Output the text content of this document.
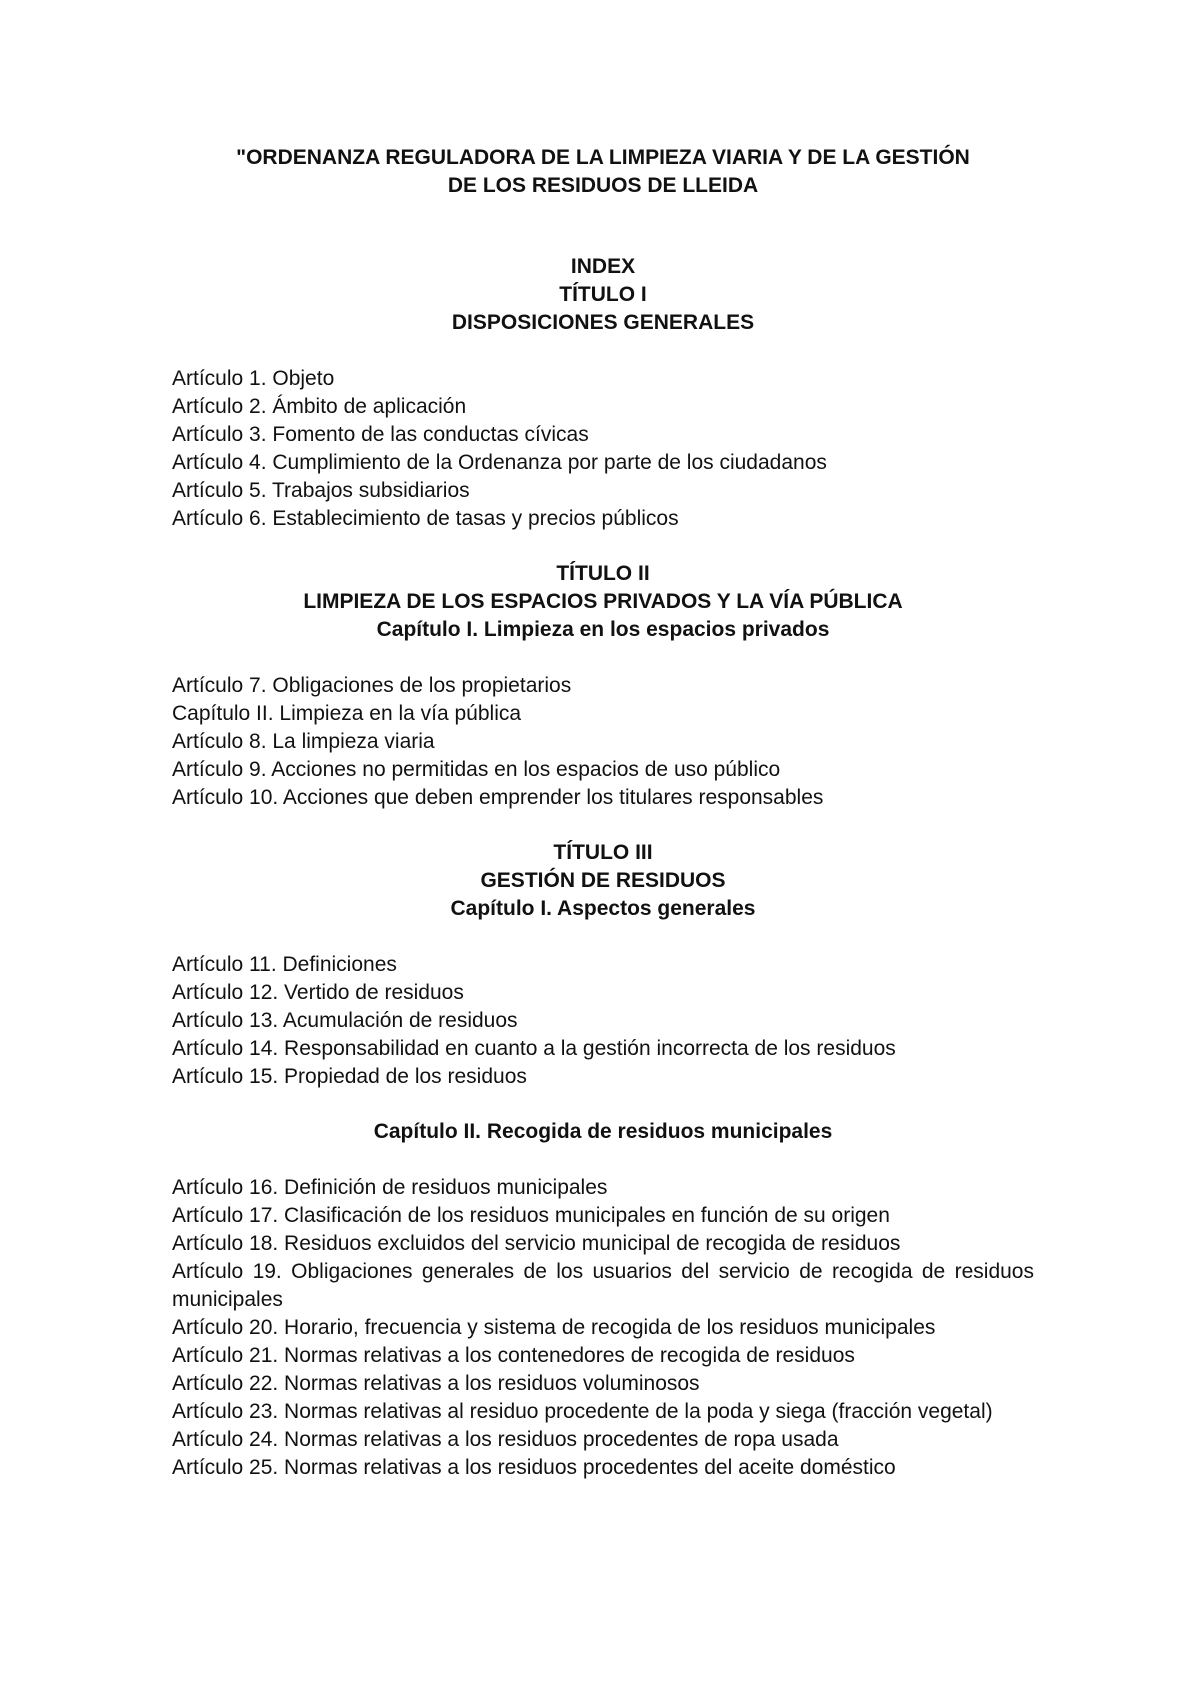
"ORDENANZA REGULADORA DE LA LIMPIEZA VIARIA Y DE LA GESTIÓN
DE LOS RESIDUOS DE LLEIDA
INDEX
TÍTULO I
DISPOSICIONES GENERALES
Artículo 1. Objeto
Artículo 2. Ámbito de aplicación
Artículo 3. Fomento de las conductas cívicas
Artículo 4. Cumplimiento de la Ordenanza por parte de los ciudadanos
Artículo 5. Trabajos subsidiarios
Artículo 6. Establecimiento de tasas y precios públicos
TÍTULO II
LIMPIEZA DE LOS ESPACIOS PRIVADOS Y LA VÍA PÚBLICA
Capítulo I. Limpieza en los espacios privados
Artículo 7. Obligaciones de los propietarios
Capítulo II. Limpieza en la vía pública
Artículo 8. La limpieza viaria
Artículo 9. Acciones no permitidas en los espacios de uso público
Artículo 10. Acciones que deben emprender los titulares responsables
TÍTULO III
GESTIÓN DE RESIDUOS
Capítulo I. Aspectos generales
Artículo 11. Definiciones
Artículo 12. Vertido de residuos
Artículo 13. Acumulación de residuos
Artículo 14. Responsabilidad en cuanto a la gestión incorrecta de los residuos
Artículo 15. Propiedad de los residuos
Capítulo II. Recogida de residuos municipales
Artículo 16. Definición de residuos municipales
Artículo 17. Clasificación de los residuos municipales en función de su origen
Artículo 18. Residuos excluidos del servicio municipal de recogida de residuos
Artículo 19. Obligaciones generales de los usuarios del servicio de recogida de residuos municipales
Artículo 20. Horario, frecuencia y sistema de recogida de los residuos municipales
Artículo 21. Normas relativas a los contenedores de recogida de residuos
Artículo 22. Normas relativas a los residuos voluminosos
Artículo 23. Normas relativas al residuo procedente de la poda y siega (fracción vegetal)
Artículo 24. Normas relativas a los residuos procedentes de ropa usada
Artículo 25. Normas relativas a los residuos procedentes del aceite doméstico
